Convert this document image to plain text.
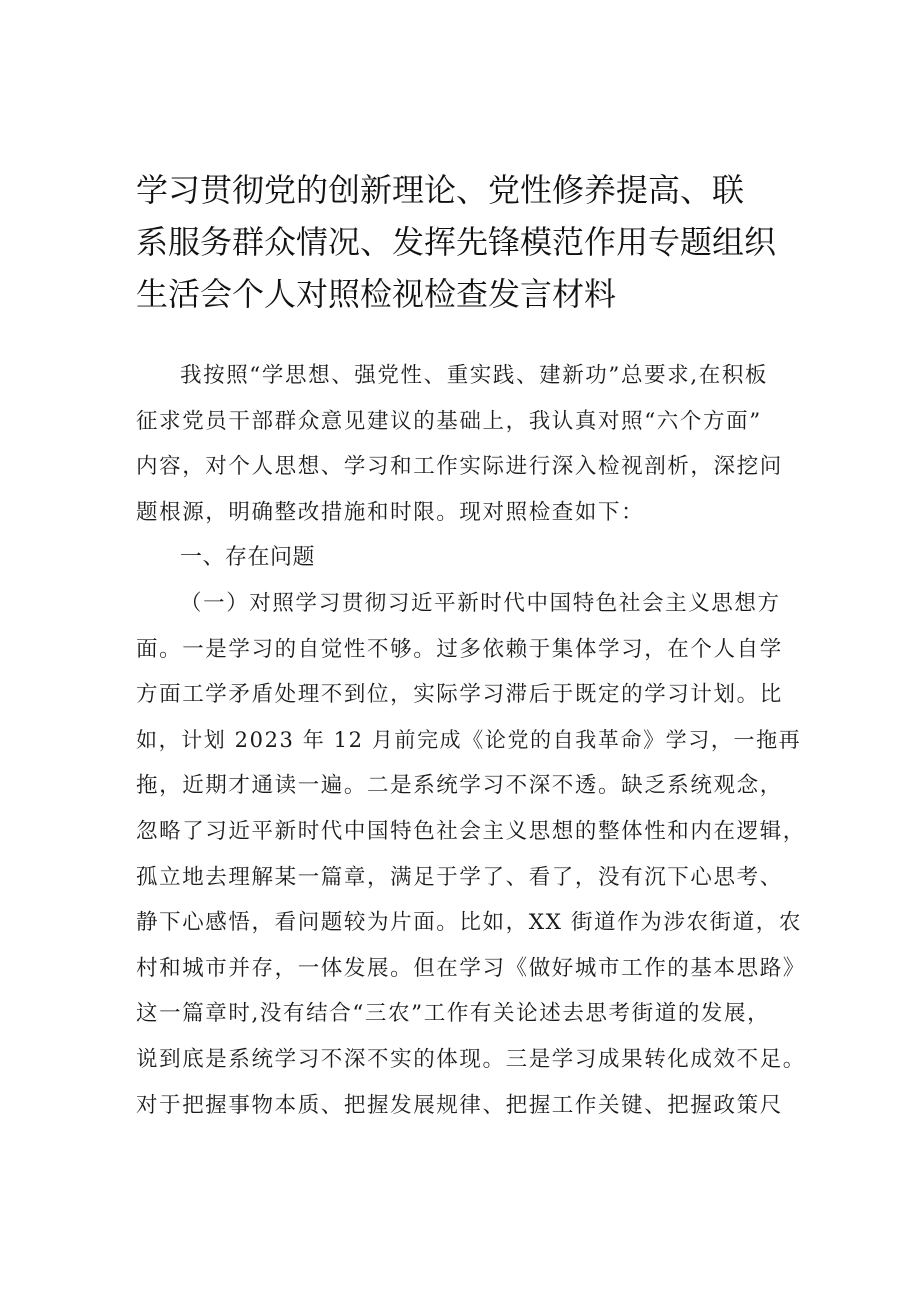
学习贯彻党的创新理论、党性修养提高、联
系服务群众情况、发挥先锋模范作用专题组织
生活会个人对照检视检查发言材料
我按照“学思想、强党性、重实践、建新功”总要求,在积板
征求党员干部群众意见建议的基础上，我认真对照“六个方面”
内容，对个人思想、学习和工作实际进行深入检视剖析，深挖问
题根源，明确整改措施和时限。现对照检查如下：
一、存在问题
（一）对照学习贯彻习近平新时代中国特色社会主义思想方
面。一是学习的自觉性不够。过多依赖于集体学习，在个人自学
方面工学矛盾处理不到位，实际学习滞后于既定的学习计划。比
如，计划 2023 年 12 月前完成《论党的自我革命》学习，一拖再
拖，近期才通读一遍。二是系统学习不深不透。缺乏系统观念，
忽略了习近平新时代中国特色社会主义思想的整体性和内在逻辑，
孤立地去理解某一篇章，满足于学了、看了，没有沉下心思考、
静下心感悟，看问题较为片面。比如，XX 街道作为涉农街道，农
村和城市并存，一体发展。但在学习《做好城市工作的基本思路》
这一篇章时,没有结合“三农”工作有关论述去思考街道的发展，
说到底是系统学习不深不实的体现。三是学习成果转化成效不足。
对于把握事物本质、把握发展规律、把握工作关键、把握政策尺
